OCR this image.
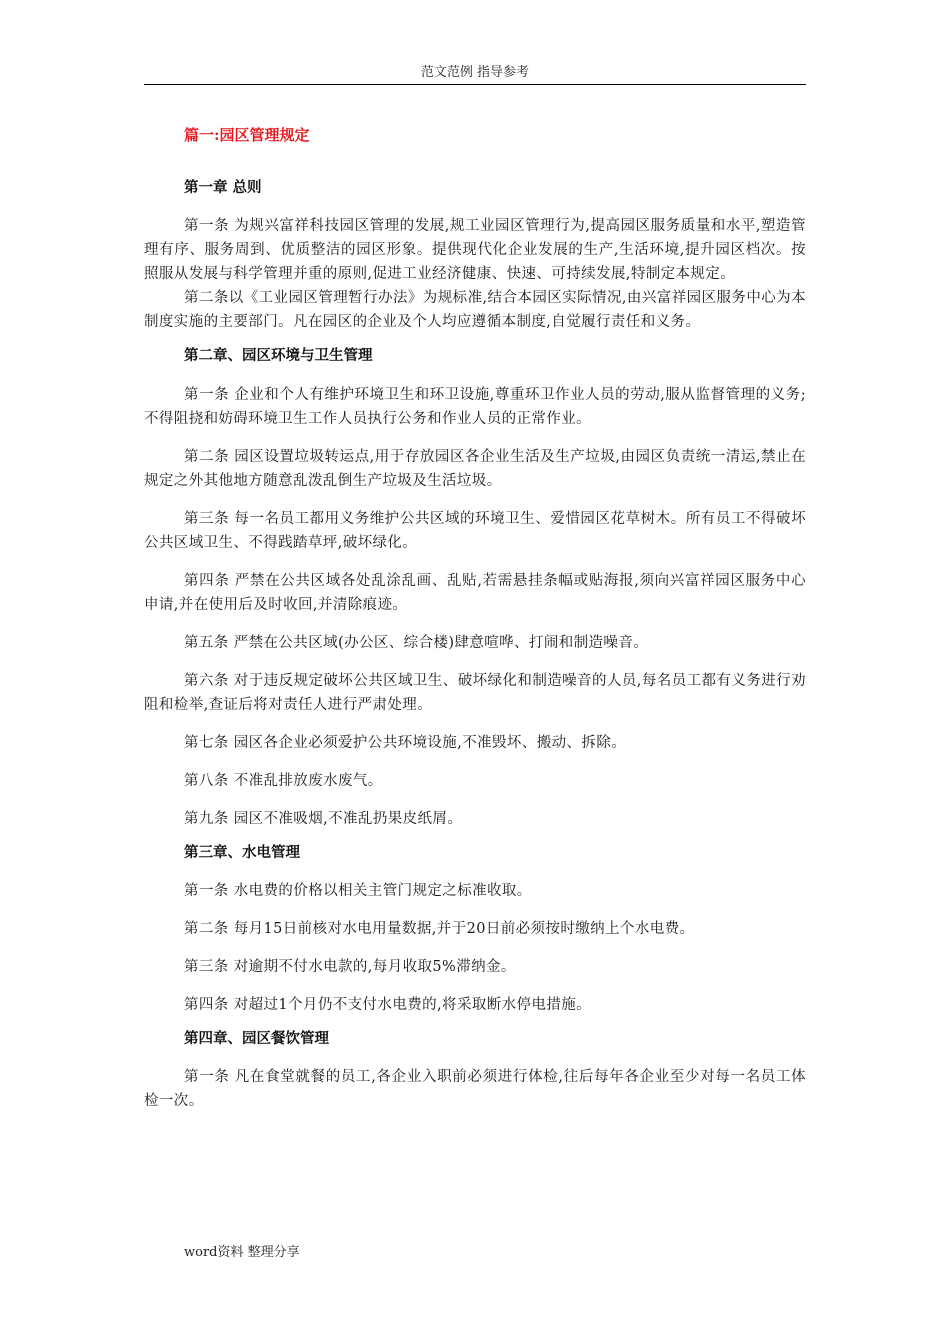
范文范例 指导参考
篇一:园区管理规定
第一章 总则

第一条 为规兴富祥科技园区管理的发展,规工业园区管理行为,提高园区服务质量和水平,塑造管理有序、服务周到、优质整洁的园区形象。提供现代化企业发展的生产,生活环境,提升园区档次。按照服从发展与科学管理并重的原则,促进工业经济健康、快速、可持续发展,特制定本规定。

第二条以《工业园区管理暂行办法》为规标准,结合本园区实际情况,由兴富祥园区服务中心为本制度实施的主要部门。凡在园区的企业及个人均应遵循本制度,自觉履行责任和义务。

第二章、园区环境与卫生管理

第一条 企业和个人有维护环境卫生和环卫设施,尊重环卫作业人员的劳动,服从监督管理的义务;不得阻挠和妨碍环境卫生工作人员执行公务和作业人员的正常作业。

第二条 园区设置垃圾转运点,用于存放园区各企业生活及生产垃圾,由园区负责统一清运,禁止在规定之外其他地方随意乱泼乱倒生产垃圾及生活垃圾。

第三条 每一名员工都用义务维护公共区域的环境卫生、爱惜园区花草树木。所有员工不得破坏公共区域卫生、不得践踏草坪,破坏绿化。

第四条 严禁在公共区域各处乱涂乱画、乱贴,若需悬挂条幅或贴海报,须向兴富祥园区服务中心申请,并在使用后及时收回,并清除痕迹。

第五条 严禁在公共区域(办公区、综合楼)肆意喧哗、打闹和制造噪音。

第六条 对于违反规定破坏公共区域卫生、破坏绿化和制造噪音的人员,每名员工都有义务进行劝阻和检举,查证后将对责任人进行严肃处理。

第七条 园区各企业必须爱护公共环境设施,不准毁坏、搬动、拆除。

第八条 不准乱排放废水废气。

第九条 园区不准吸烟,不准乱扔果皮纸屑。

第三章、水电管理

第一条 水电费的价格以相关主管门规定之标准收取。

第二条 每月15日前核对水电用量数据,并于20日前必须按时缴纳上个水电费。

第三条 对逾期不付水电款的,每月收取5%滞纳金。

第四条 对超过1个月仍不支付水电费的,将采取断水停电措施。

第四章、园区餐饮管理

第一条 凡在食堂就餐的员工,各企业入职前必须进行体检,往后每年各企业至少对每一名员工体检一次。

word资料 整理分享
